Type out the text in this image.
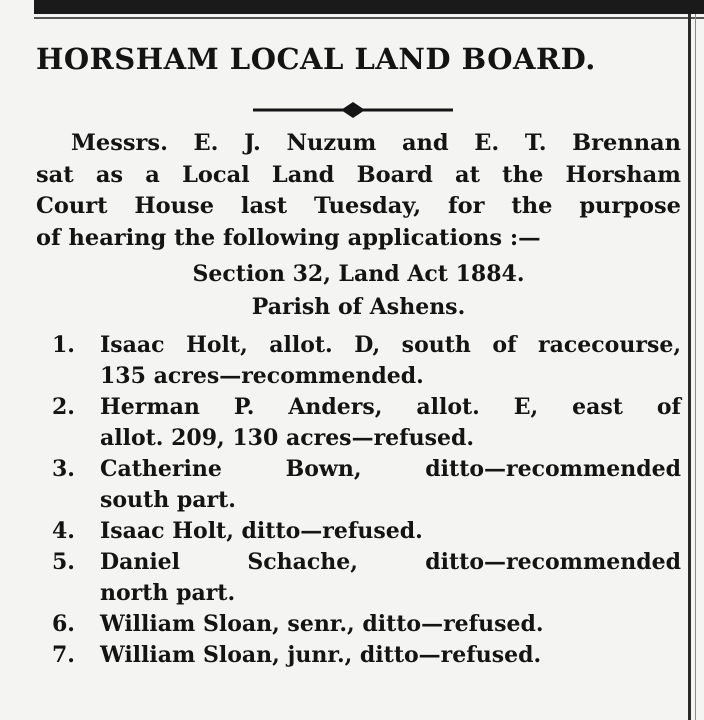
HORSHAM LOCAL LAND BOARD.

Messrs. E. J. Nuzum and E. T. Brennan
sat as a Local Land Board at the Horsham
Court House last Tuesday, for the purpose
of hearing the following applications :—

Section 32, Land Act 1884.
Parish of Ashens.
1. Isaac Holt, allot. D, south of racecourse,
135 acres—recommended.
2. Herman P. Anders, allot. E, east of
allot. 209, 130 acres—refused.
3. Catherine Bown, ditto—recommended
south part.
4. Isaac Holt, ditto—refused.
5. Daniel Schache, ditto—recommended
north part.
6. William Sloan, senr., ditto—refused.
7. William Sloan, junr., ditto—refused.
